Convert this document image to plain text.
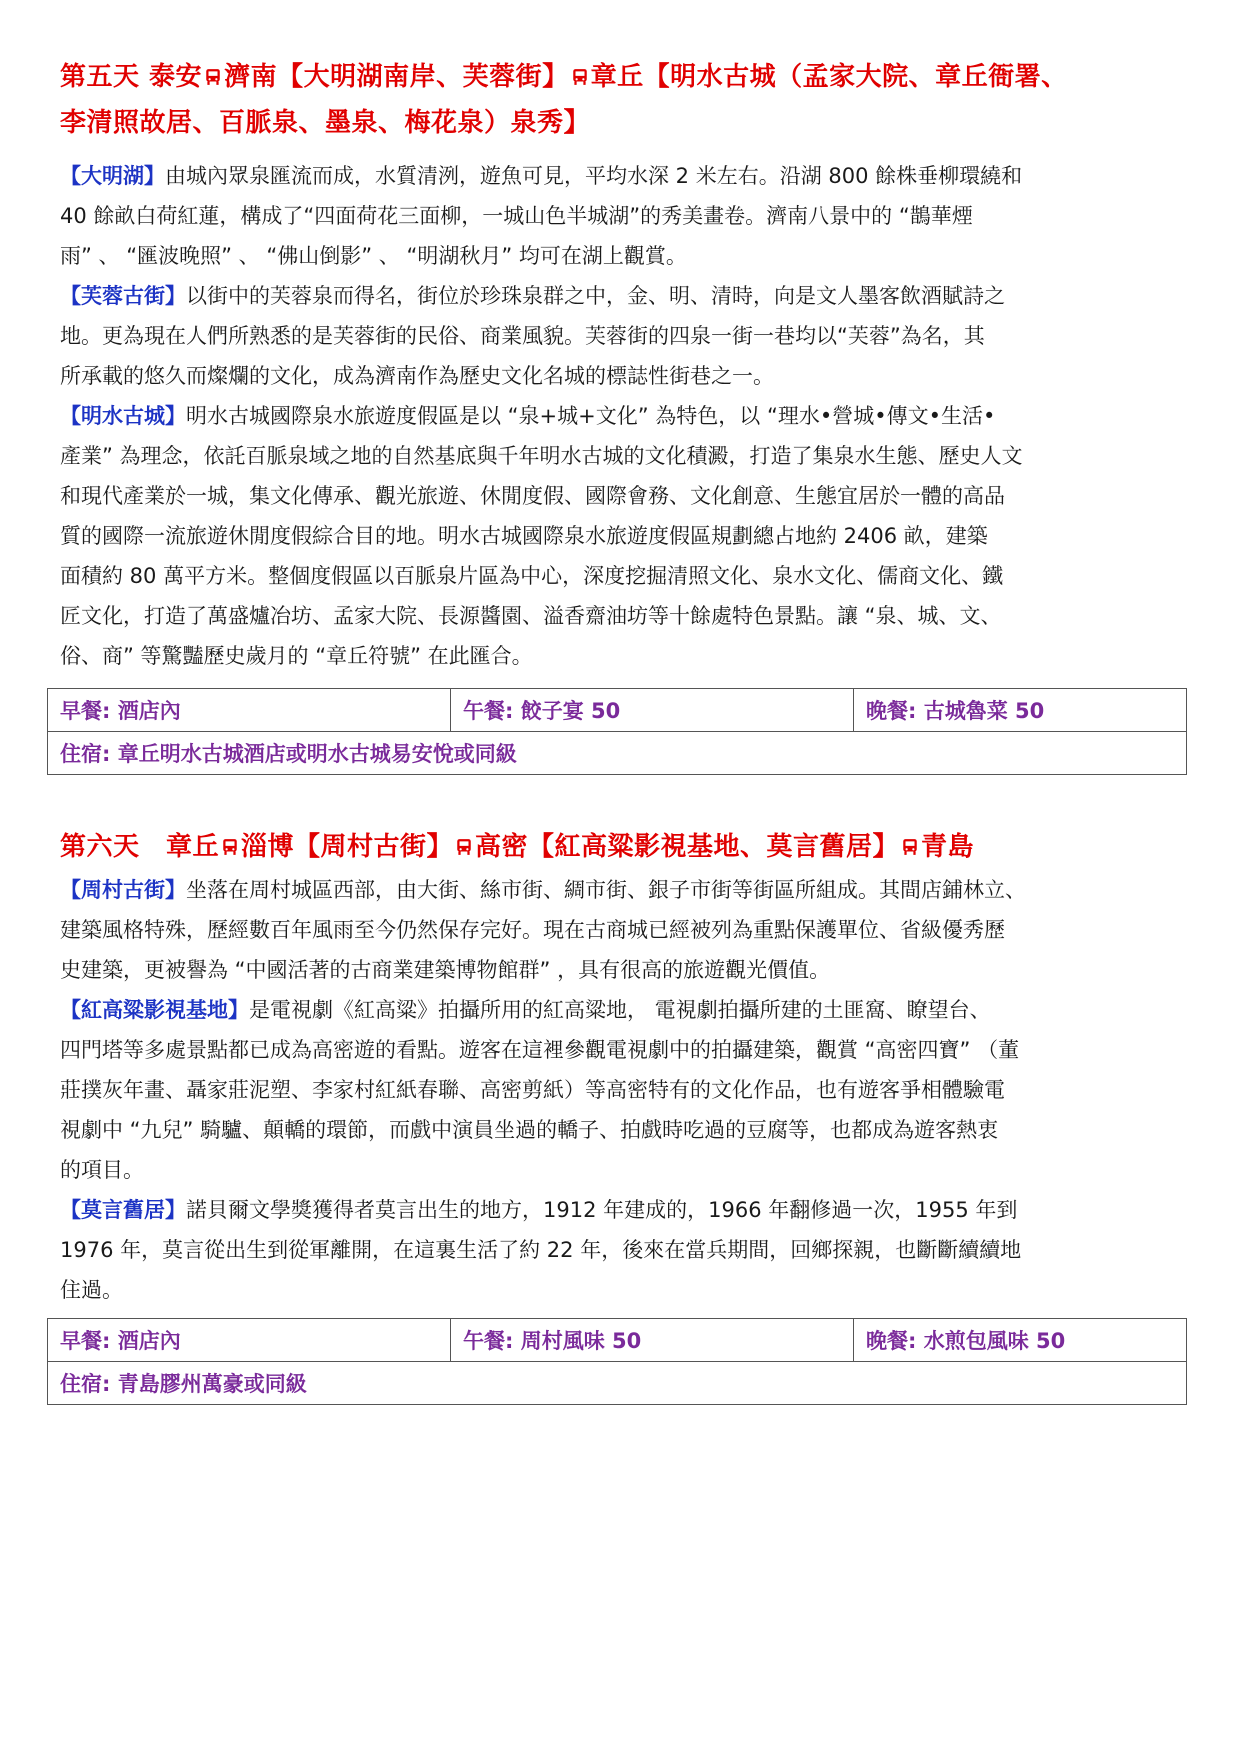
第五天 泰安 濟南【大明湖南岸、芙蓉街】 章丘【明水古城（孟家大院、章丘衙署、
李清照故居、百脈泉、墨泉、梅花泉）泉秀】

【大明湖】由城內眾泉匯流而成，水質清洌，遊魚可見，平均水深 2 米左右。沿湖 800 餘株垂柳環繞和
40 餘畝白荷紅蓮，構成了“四面荷花三面柳，一城山色半城湖”的秀美畫卷。濟南八景中的 “鵲華煙
雨” 、 “匯波晚照” 、 “佛山倒影” 、 “明湖秋月” 均可在湖上觀賞。

【芙蓉古街】以街中的芙蓉泉而得名，街位於珍珠泉群之中，金、明、清時，向是文人墨客飲酒賦詩之
地。更為現在人們所熟悉的是芙蓉街的民俗、商業風貌。芙蓉街的四泉一街一巷均以“芙蓉”為名，其
所承載的悠久而燦爛的文化，成為濟南作為歷史文化名城的標誌性街巷之一。

【明水古城】明水古城國際泉水旅遊度假區是以 “泉+城+文化” 為特色，以 “理水•營城•傳文•生活•
產業” 為理念，依託百脈泉域之地的自然基底與千年明水古城的文化積澱，打造了集泉水生態、歷史人文
和現代產業於一城，集文化傳承、觀光旅遊、休閒度假、國際會務、文化創意、生態宜居於一體的高品
質的國際一流旅遊休閒度假綜合目的地。明水古城國際泉水旅遊度假區規劃總占地約 2406 畝，建築
面積約 80 萬平方米。整個度假區以百脈泉片區為中心，深度挖掘清照文化、泉水文化、儒商文化、鐵
匠文化，打造了萬盛爐冶坊、孟家大院、長源醬園、溢香齋油坊等十餘處特色景點。讓 “泉、城、文、
俗、商” 等驚豔歷史歲月的 “章丘符號” 在此匯合。

早餐: 酒店內	午餐: 餃子宴 50	晚餐: 古城魯菜 50
住宿: 章丘明水古城酒店或明水古城易安悅或同級

第六天　章丘 淄博【周村古街】 高密【紅高粱影視基地、莫言舊居】 青島

【周村古街】坐落在周村城區西部，由大街、絲市街、綢市街、銀子市街等街區所組成。其間店鋪林立、
建築風格特殊，歷經數百年風雨至今仍然保存完好。現在古商城已經被列為重點保護單位、省級優秀歷
史建築，更被譽為 “中國活著的古商業建築博物館群” ，具有很高的旅遊觀光價值。

【紅高粱影視基地】是電視劇《紅高粱》拍攝所用的紅高粱地， 電視劇拍攝所建的土匪窩、瞭望台、
四門塔等多處景點都已成為高密遊的看點。遊客在這裡參觀電視劇中的拍攝建築，觀賞 “高密四寶” （董
莊撲灰年畫、聶家莊泥塑、李家村紅紙春聯、高密剪紙）等高密特有的文化作品，也有遊客爭相體驗電
視劇中 “九兒” 騎驢、顛轎的環節，而戲中演員坐過的轎子、拍戲時吃過的豆腐等，也都成為遊客熱衷
的項目。

【莫言舊居】諾貝爾文學獎獲得者莫言出生的地方，1912 年建成的，1966 年翻修過一次，1955 年到
1976 年，莫言從出生到從軍離開，在這裏生活了約 22 年，後來在當兵期間，回鄉探親，也斷斷續續地
住過。

早餐: 酒店內	午餐: 周村風味 50	晚餐: 水煎包風味 50
住宿: 青島膠州萬豪或同級
